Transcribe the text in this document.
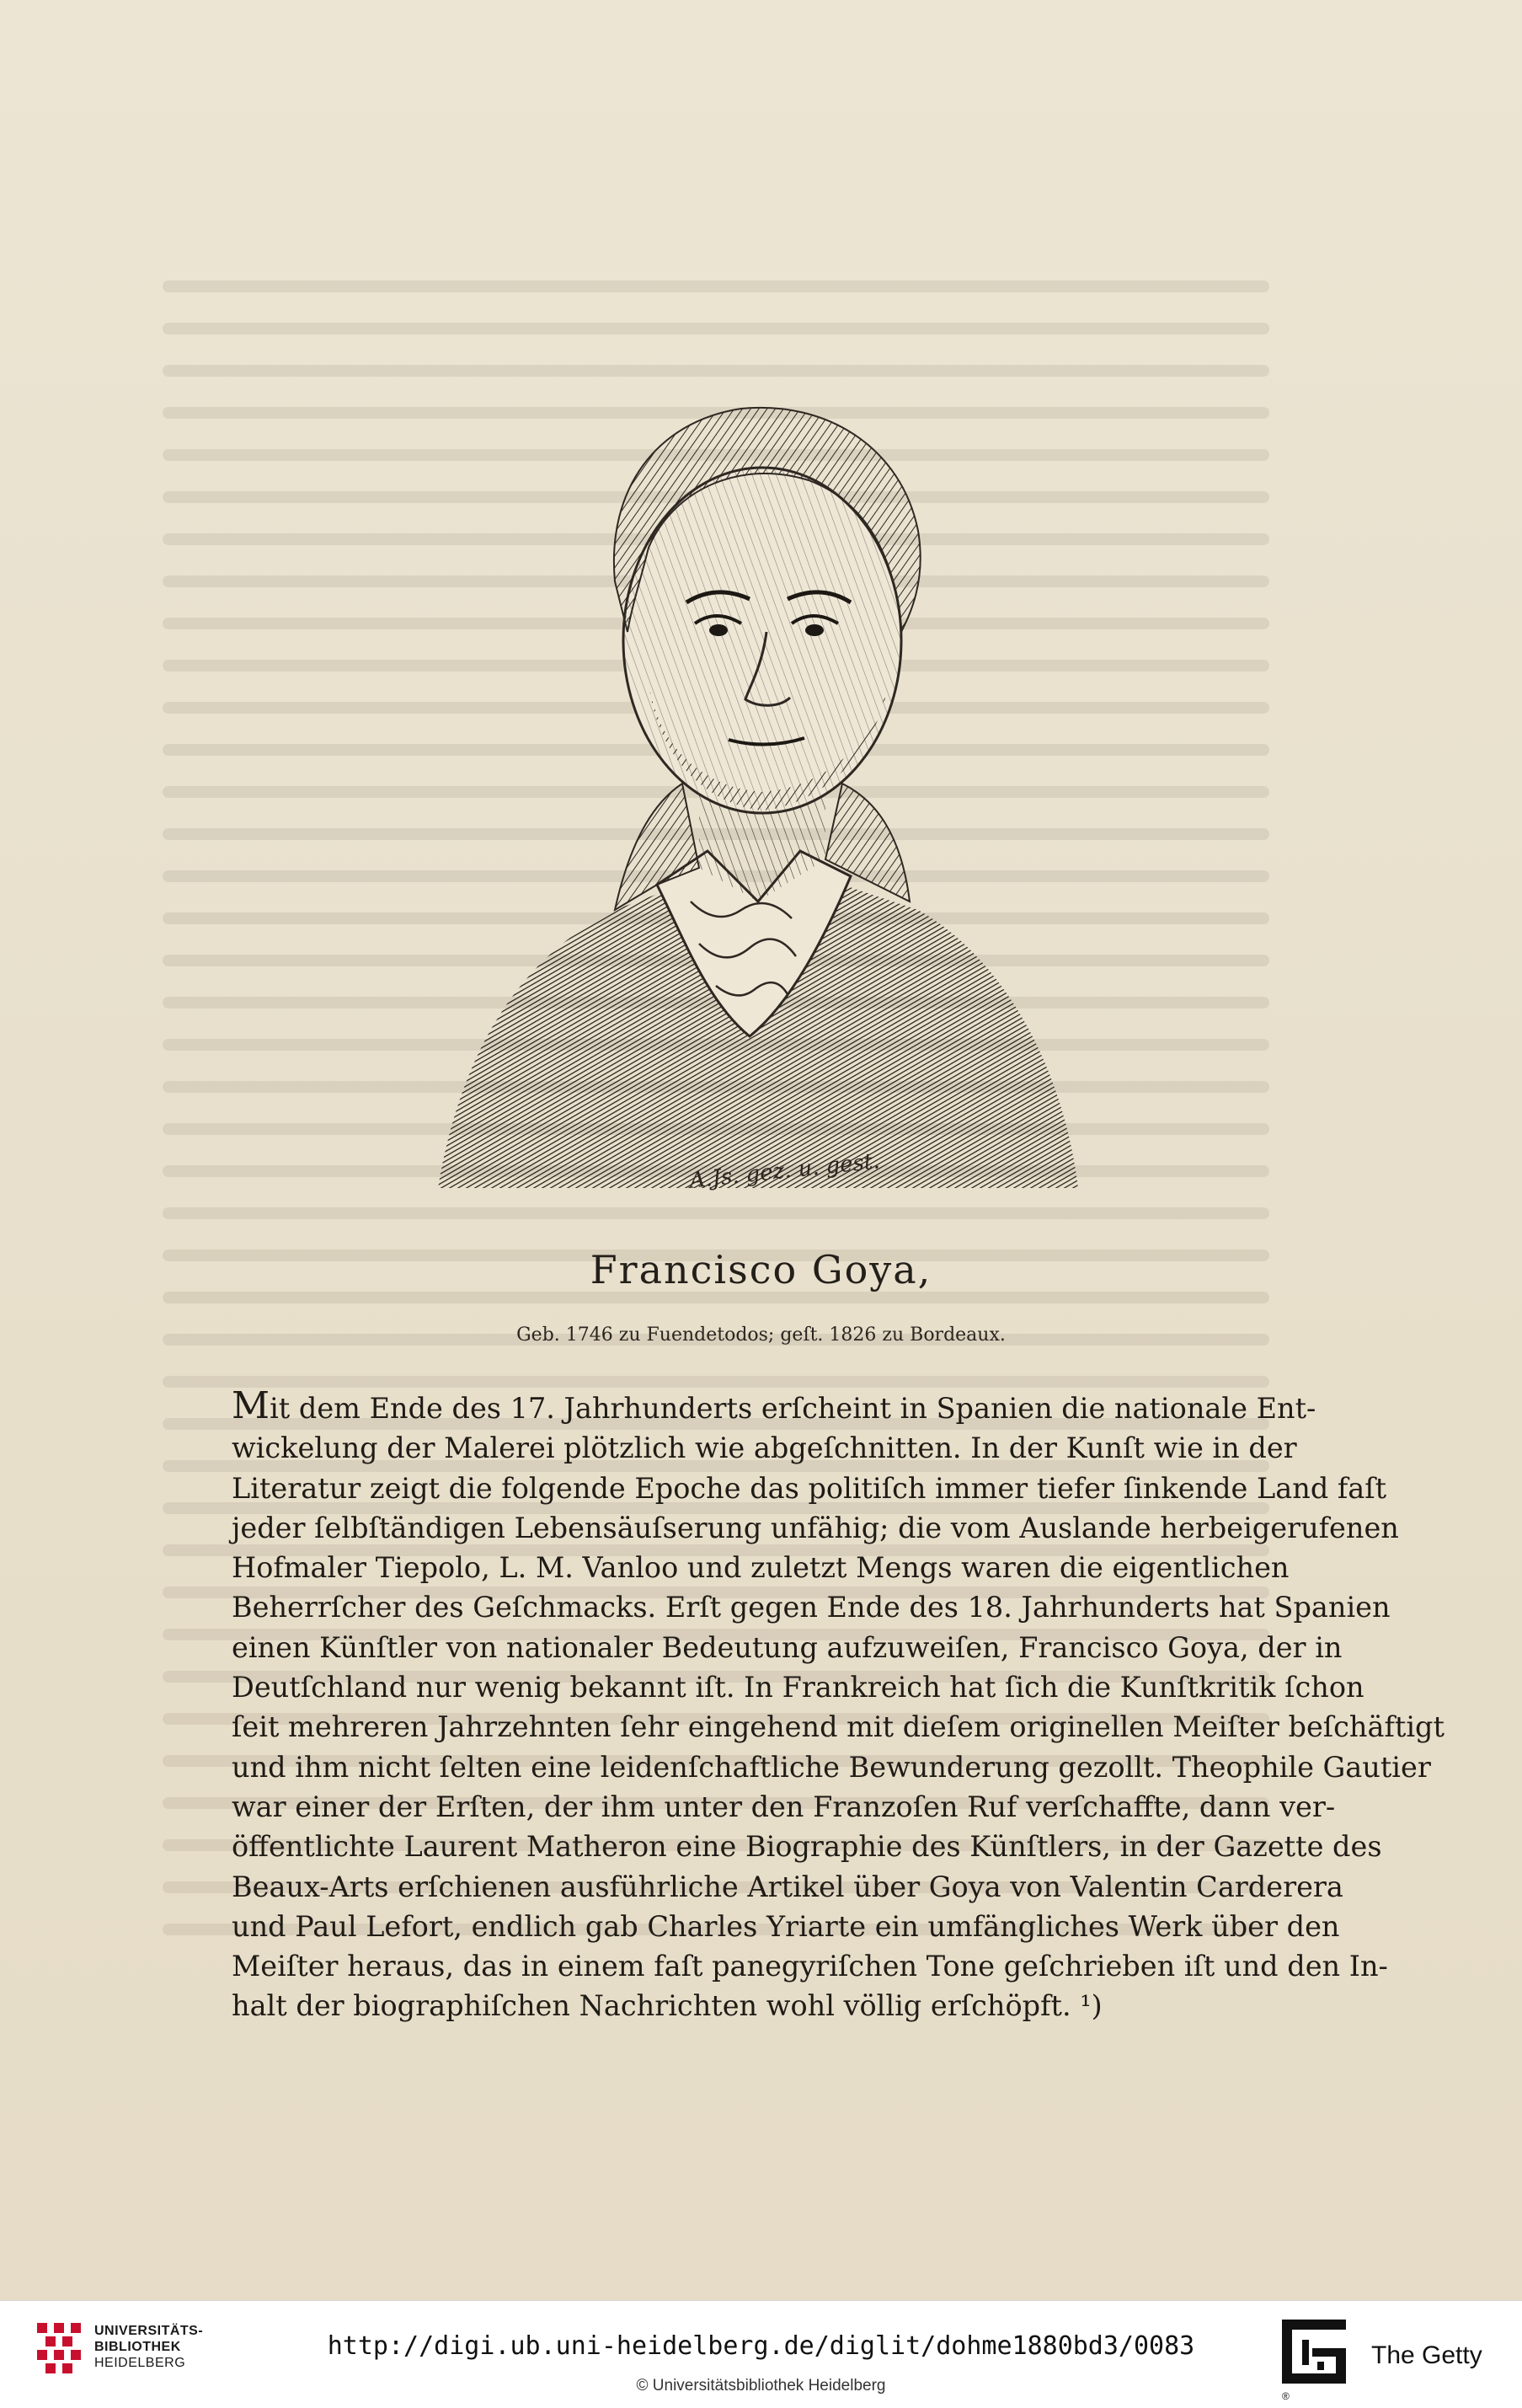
A.Js. gez. u. gest.
Francisco Goya,
Geb. 1746 zu Fuendetodos; geſt. 1826 zu Bordeaux.
Mit dem Ende des 17. Jahrhunderts erſcheint in Spanien die nationale Ent-
wickelung der Malerei plötzlich wie abgeſchnitten. In der Kunſt wie in der
Literatur zeigt die folgende Epoche das politiſch immer tiefer ſinkende Land faſt
jeder ſelbſtändigen Lebensäuſserung unfähig; die vom Auslande herbeigerufenen
Hofmaler Tiepolo, L. M. Vanloo und zuletzt Mengs waren die eigentlichen
Beherrſcher des Geſchmacks. Erſt gegen Ende des 18. Jahrhunderts hat Spanien
einen Künſtler von nationaler Bedeutung aufzuweiſen, Francisco Goya, der in
Deutſchland nur wenig bekannt iſt. In Frankreich hat ſich die Kunſtkritik ſchon
ſeit mehreren Jahrzehnten ſehr eingehend mit dieſem originellen Meiſter beſchäftigt
und ihm nicht ſelten eine leidenſchaftliche Bewunderung gezollt. Theophile Gautier
war einer der Erſten, der ihm unter den Franzoſen Ruf verſchaffte, dann ver-
öffentlichte Laurent Matheron eine Biographie des Künſtlers, in der Gazette des
Beaux-Arts erſchienen ausführliche Artikel über Goya von Valentin Carderera
und Paul Lefort, endlich gab Charles Yriarte ein umfängliches Werk über den
Meiſter heraus, das in einem faſt panegyriſchen Tone geſchrieben iſt und den In-
halt der biographiſchen Nachrichten wohl völlig erſchöpft. ¹)
UNIVERSITÄTS-
BIBLIOTHEK
HEIDELBERG
http://digi.ub.uni-heidelberg.de/diglit/dohme1880bd3/0083
© Universitätsbibliothek Heidelberg
®
The Getty
